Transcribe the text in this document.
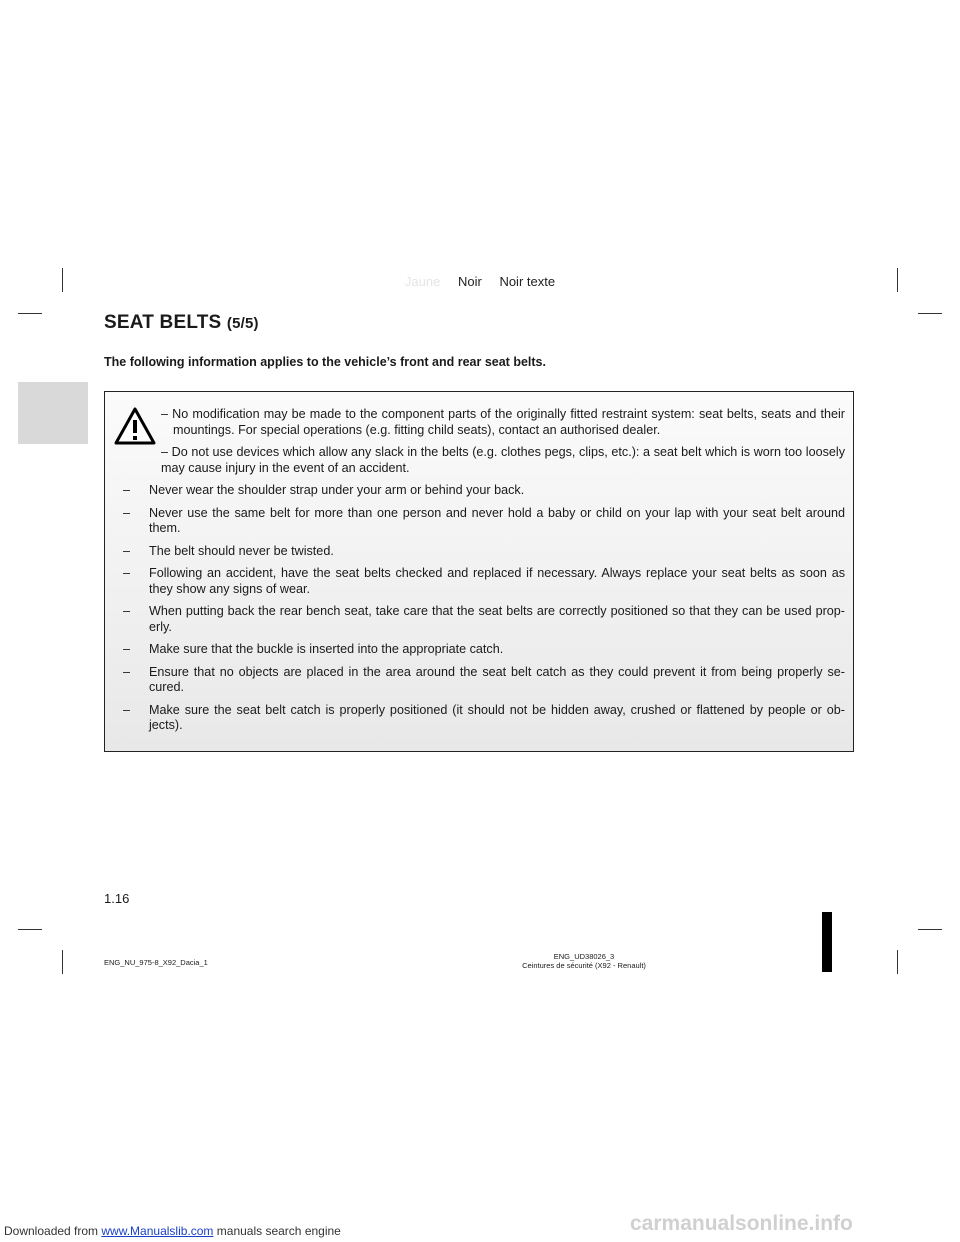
Jaune Noir Noir texte
SEAT BELTS (5/5)
The following information applies to the vehicle’s front and rear seat belts.

– No modification may be made to the component parts of the originally fitted restraint system: seat belts, seats and their mountings. For special operations (e.g. fitting child seats), contact an authorised dealer.

– Do not use devices which allow any slack in the belts (e.g. clothes pegs, clips, etc.): a seat belt which is worn too loosely may cause injury in the event of an accident.

– Never wear the shoulder strap under your arm or behind your back.

– Never use the same belt for more than one person and never hold a baby or child on your lap with your seat belt around them.

– The belt should never be twisted.

– Following an accident, have the seat belts checked and replaced if necessary. Always replace your seat belts as soon as they show any signs of wear.

– When putting back the rear bench seat, take care that the seat belts are correctly positioned so that they can be used prop-erly.

– Make sure that the buckle is inserted into the appropriate catch.

– Ensure that no objects are placed in the area around the seat belt catch as they could prevent it from being properly se-cured.

– Make sure the seat belt catch is properly positioned (it should not be hidden away, crushed or flattened by people or ob-jects).

1.16
ENG_NU_975-8_X92_Dacia_1
ENG_UD38026_3
Ceintures de sécurité (X92 - Renault)
Downloaded from www.Manualslib.com manuals search engine	carmanualsonline.info
